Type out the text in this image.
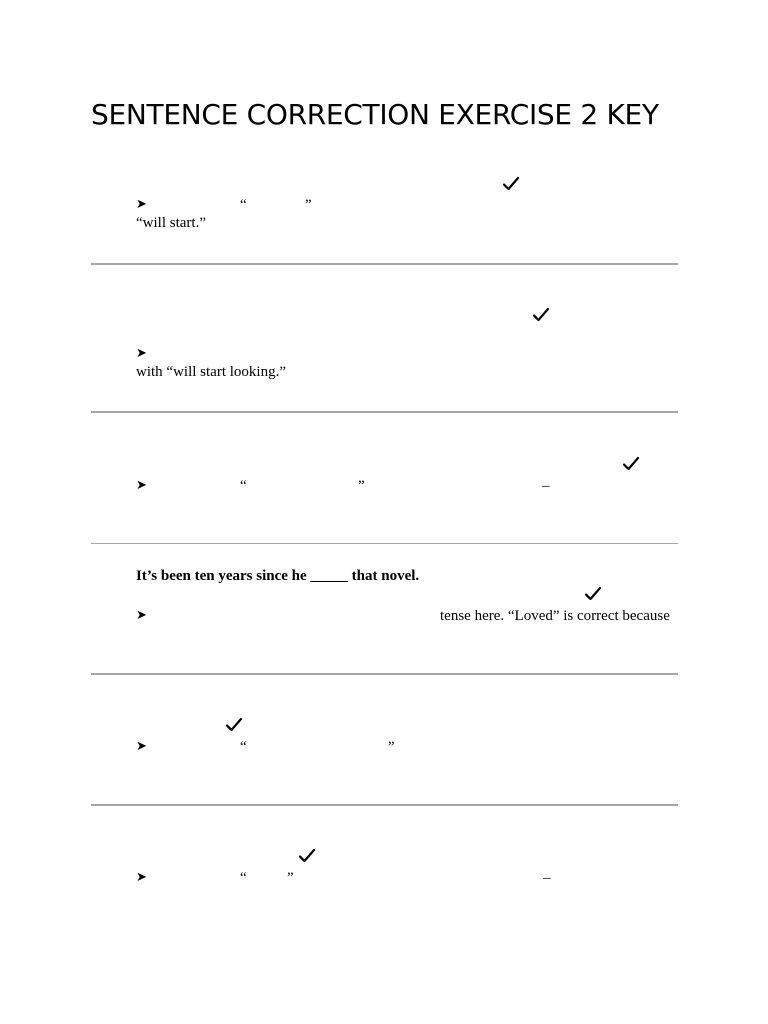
SENTENCE CORRECTION EXERCISE 2 KEY
➤	“	”
“will start.”
➤
with “will start looking.”
➤	“	”	–
It’s been ten years since he _____ that novel.
➤	tense here. “Loved” is correct because
➤	“	”
➤	“	”	–
